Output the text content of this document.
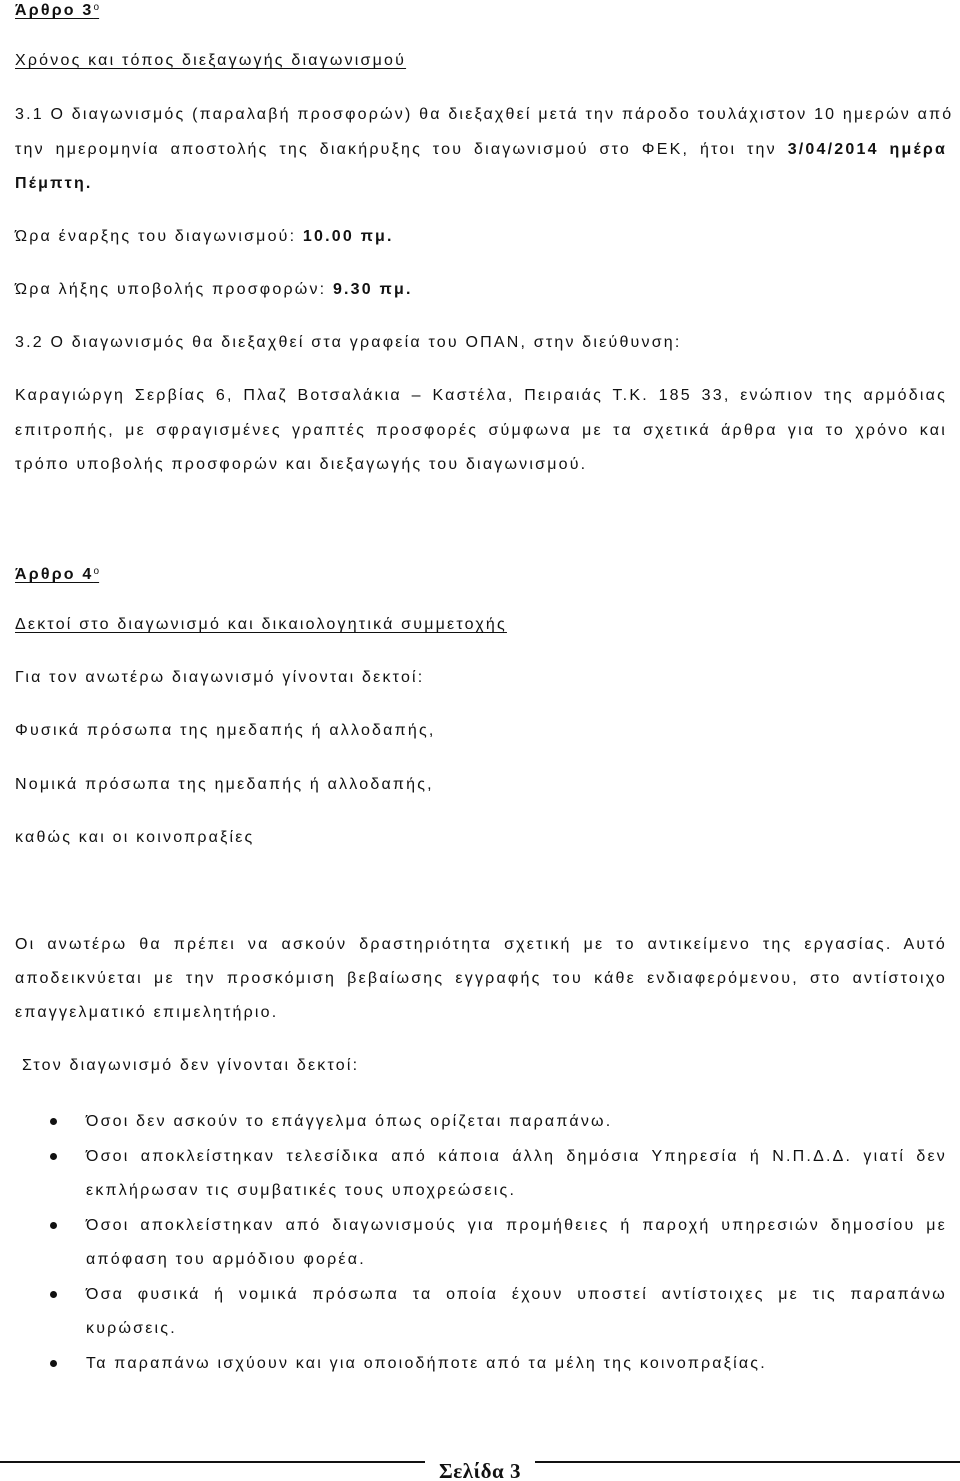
Άρθρο $3^o$
Χρόνος και τόπος διεξαγωγής διαγωνισμού
3.1 Ο διαγωνισμός (παραλαβή προσφορών) θα διεξαχθεί μετά την πάροδο τουλάχιστον 10 ημερών από
την ημερομηνία αποστολής της διακήρυξης του διαγωνισμού στο ΦΕΚ, ήτοι την 3/04/2014 ημέρα
Πέμπτη.
Ώρα έναρξης του διαγωνισμού: 10.00 πμ.
Ώρα λήξης υποβολής προσφορών: 9.30 πμ.
3.2 Ο διαγωνισμός θα διεξαχθεί στα γραφεία του ΟΠΑΝ, στην διεύθυνση:
Καραγιώργη Σερβίας 6, Πλαζ Βοτσαλάκια – Καστέλα, Πειραιάς Τ.Κ. 185 33, ενώπιον της αρμόδιας
επιτροπής, με σφραγισμένες γραπτές προσφορές σύμφωνα με τα σχετικά άρθρα για το χρόνο και
τρόπο υποβολής προσφορών και διεξαγωγής του διαγωνισμού.
Άρθρο $4^o$
Δεκτοί στο διαγωνισμό και δικαιολογητικά συμμετοχής
Για τον ανωτέρω διαγωνισμό γίνονται δεκτοί:
Φυσικά πρόσωπα της ημεδαπής ή αλλοδαπής,
Νομικά πρόσωπα της ημεδαπής ή αλλοδαπής,
καθώς και οι κοινοπραξίες
Οι ανωτέρω θα πρέπει να ασκούν δραστηριότητα σχετική με το αντικείμενο της εργασίας. Αυτό
αποδεικνύεται με την προσκόμιση βεβαίωσης εγγραφής του κάθε ενδιαφερόμενου, στο αντίστοιχο
επαγγελματικό επιμελητήριο.
Στον διαγωνισμό δεν γίνονται δεκτοί:
Όσοι δεν ασκούν το επάγγελμα όπως ορίζεται παραπάνω.
Όσοι αποκλείστηκαν τελεσίδικα από κάποια άλλη δημόσια Υπηρεσία ή Ν.Π.Δ.Δ. γιατί δεν
εκπλήρωσαν τις συμβατικές τους υποχρεώσεις.
Όσοι αποκλείστηκαν από διαγωνισμούς για προμήθειες ή παροχή υπηρεσιών δημοσίου με
απόφαση του αρμόδιου φορέα.
Όσα φυσικά ή νομικά πρόσωπα τα οποία έχουν υποστεί αντίστοιχες με τις παραπάνω
κυρώσεις.
Τα παραπάνω ισχύουν και για οποιοδήποτε από τα μέλη της κοινοπραξίας.
Σελίδα 3
